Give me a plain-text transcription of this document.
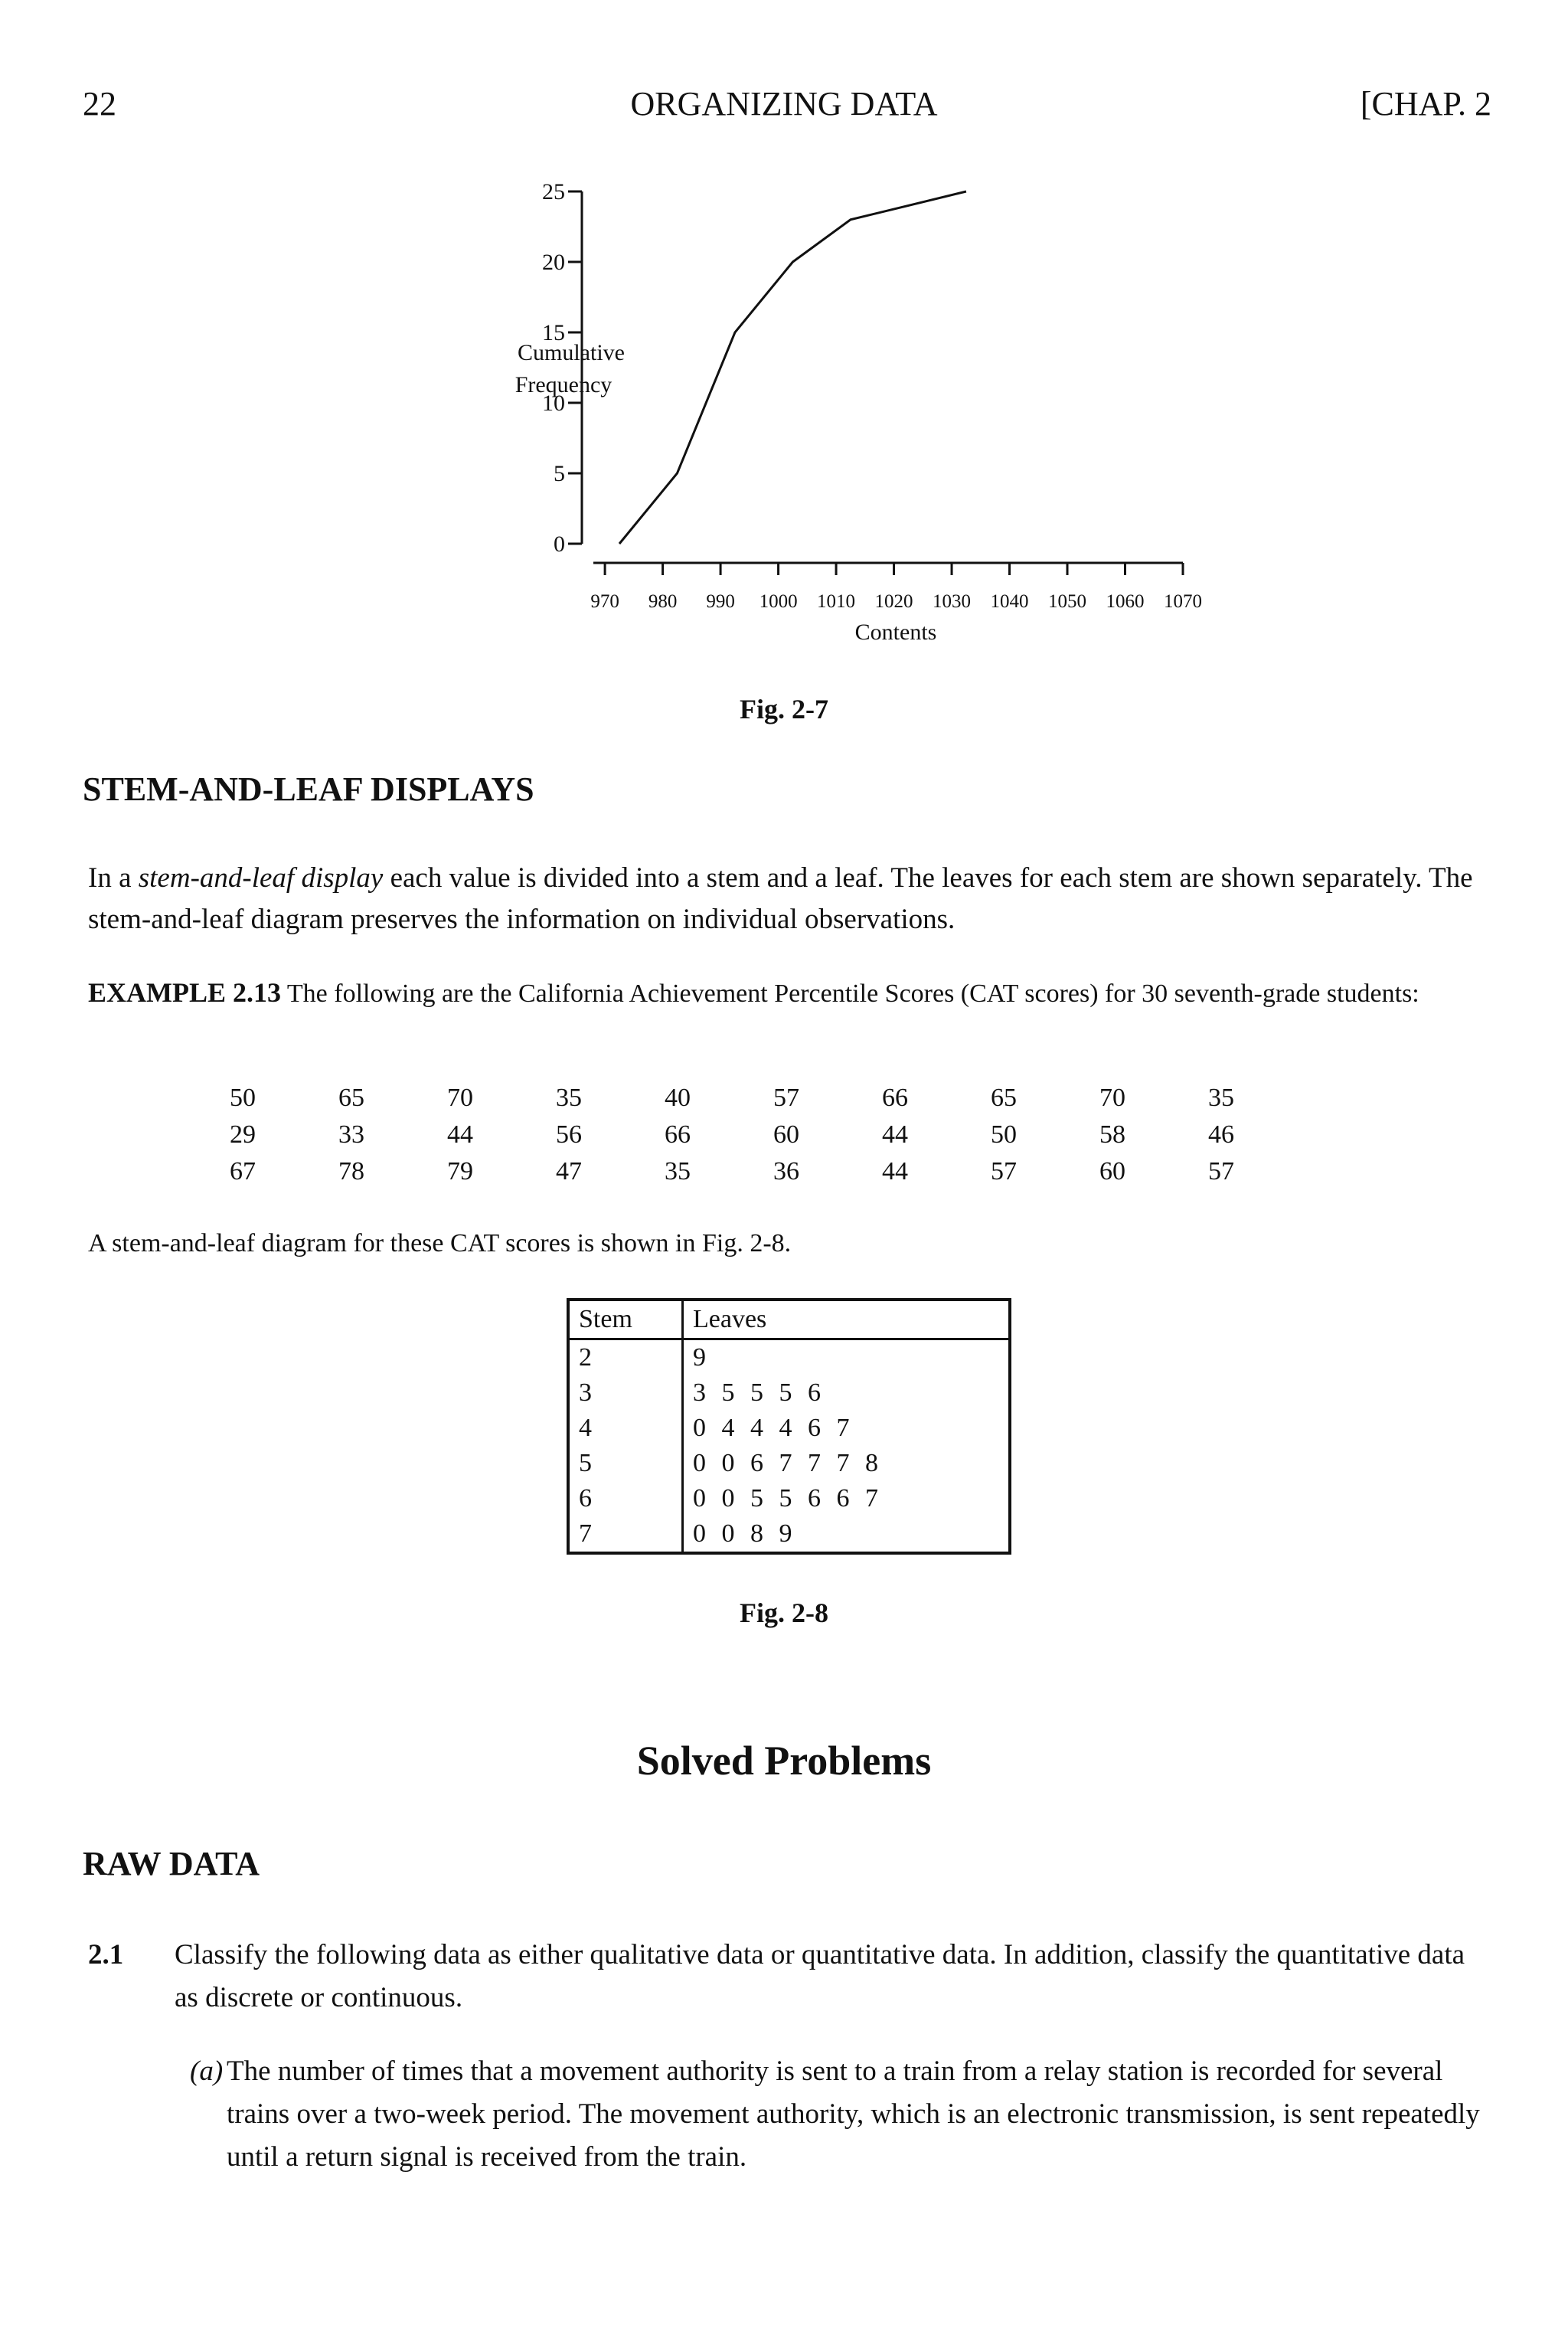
22	ORGANIZING DATA	[CHAP. 2
0
5
10
15
20
25
970 980 990 1000 1010 1020 1030 1040 1050 1060 1070
Cumulative
Frequency
Contents
Fig. 2-7
STEM-AND-LEAF DISPLAYS
In a stem-and-leaf display each value is divided into a stem and a leaf. The leaves for each stem are shown separately. The stem-and-leaf diagram preserves the information on individual observations.
EXAMPLE 2.13 The following are the California Achievement Percentile Scores (CAT scores) for 30 seventh-grade students:
50	65	70	35	40	57	66	65	70	35
29	33	44	56	66	60	44	50	58	46
67	78	79	47	35	36	44	57	60	57
A stem-and-leaf diagram for these CAT scores is shown in Fig. 2-8.
Stem	Leaves
2	9
3	3 5 5 5 6
4	0 4 4 4 6 7
5	0 0 6 7 7 7 8
6	0 0 5 5 6 6 7
7	0 0 8 9
Fig. 2-8
Solved Problems
RAW DATA
2.1 Classify the following data as either qualitative data or quantitative data. In addition, classify the quantitative data as discrete or continuous.
(a) The number of times that a movement authority is sent to a train from a relay station is recorded for several trains over a two-week period. The movement authority, which is an electronic transmission, is sent repeatedly until a return signal is received from the train.
